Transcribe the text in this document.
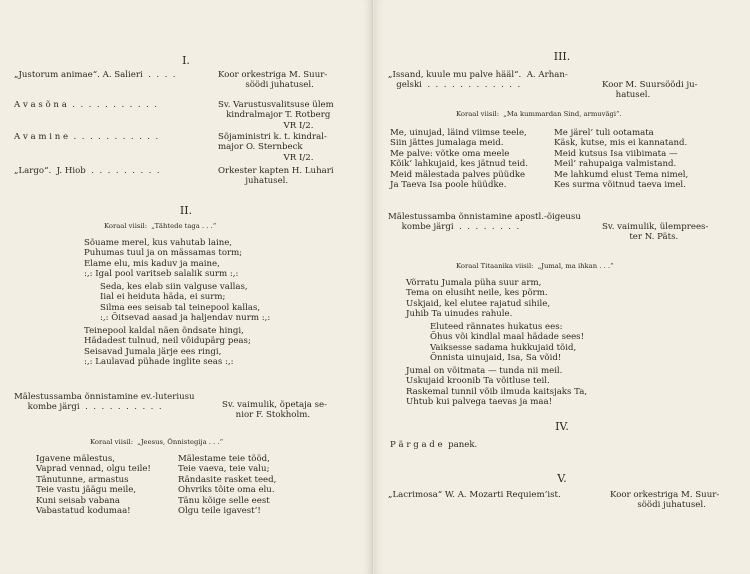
I.
„Justorum animae“. A. Salieri  .  .  .  .	Koor orkestriga M. Suur-
söödi juhatusel.
A v a s õ n a  .  .  .  .  .  .  .  .  .  .  .	Sv. Varustusvalitsuse ülem
kindralmajor T. Rotberg
VR I/2.
A v a m i n e  .  .  .  .  .  .  .  .  .  .  .	Sõjaministri k. t. kindral-
major O. Sternbeck
VR I/2.
„Largo“.  J. Hiob  .  .  .  .  .  .  .  .  .	Orkester kapten H. Luhari
juhatusel.
II.
Koraal viisil:  „Tähtede taga . . .“
Sõuame merel, kus vahutab laine,
Puhumas tuul ja on mässamas torm;
Elame elu, mis kaduv ja maine,
:,: Igal pool varitseb salalik surm :,:
Seda, kes elab siin valguse vallas,
Iial ei heiduta häda, ei surm;
Silma ees seisab tal teinepool kallas,
:,: Õitsevad aasad ja haljendav nurm :,:
Teinepool kaldal näen õndsate hingi,
Hädadest tulnud, neil võidupärg peas;
Seisavad Jumala järje ees ringi,
:,: Laulavad pühade inglite seas :,:
Mälestussamba õnnistamine ev.-luteriusu
kombe järgi  .  .  .  .  .  .  .  .  .  .	Sv. vaimulik, õpetaja se-
nior F. Stokholm.
Koraal viisil:  „Jeesus, Õnnistegija . . .“
Igavene mälestus,
Vaprad vennad, olgu teile!
Tänutunne, armastus
Teie vastu jäägu meile,
Kuni seisab vabana
Vabastatud kodumaa!
Mälestame teie tööd,
Teie vaeva, teie valu;
Rändasite rasket teed,
Ohvriks tõite oma elu.
Tänu kõige selle eest
Olgu teile igavest’!
III.
„Issand, kuule mu palve hääl“.  A. Arhan-
gelski  .  .  .  .  .  .  .  .  .  .  .  .	Koor M. Suursöödi ju-
hatusel.
Koraal viisil:  „Ma kummardan Sind, armuvägi“.
Me, uinujad, läind viimse teele,
Siin jättes jumalaga meid.
Me palve: võtke oma meele
Kõik’ lahkujaid, kes jätnud teid.
Meid mälestada palves püüdke
Ja Taeva Isa poole hüüdke.
Me järel’ tuli ootamata
Käsk, kutse, mis ei kannatand.
Meid kutsus Isa viibimata —
Meil’ rahupaiga valmistand.
Me lahkumd elust Tema nimel,
Kes surma võitnud taeva imel.
Mälestussamba õnnistamine apostl.-õigeusu
kombe järgi  .  .  .  .  .  .  .  .	Sv. vaimulik, ülemprees-
ter N. Päts.
Koraal Titaanika viisil:  „Jumal, ma ihkan . . .“
Võrratu Jumala püha suur arm,
Tema on elusiht neile, kes põrm.
Uskjaid, kel elutee rajatud sihile,
Juhib Ta uinudes rahule.
Eluteed rännates hukatus ees:
Õhus või kindlal maal hädade sees!
Vaiksesse sadama hukkujaid tõid,
Õnnista uinujaid, Isa, Sa võid!
Jumal on võitmata — tunda nii meil.
Uskujaid kroonib Ta võitluse teil.
Raskemal tunnil võib ilmuda kaitsjaks Ta,
Uhtub kui palvega taevas ja maa!
IV.
P ä r g a d e  panek.
V.
„Lacrimosa“ W. A. Mozarti Requiem’ist.	Koor orkestriga M. Suur-
söödi juhatusel.
